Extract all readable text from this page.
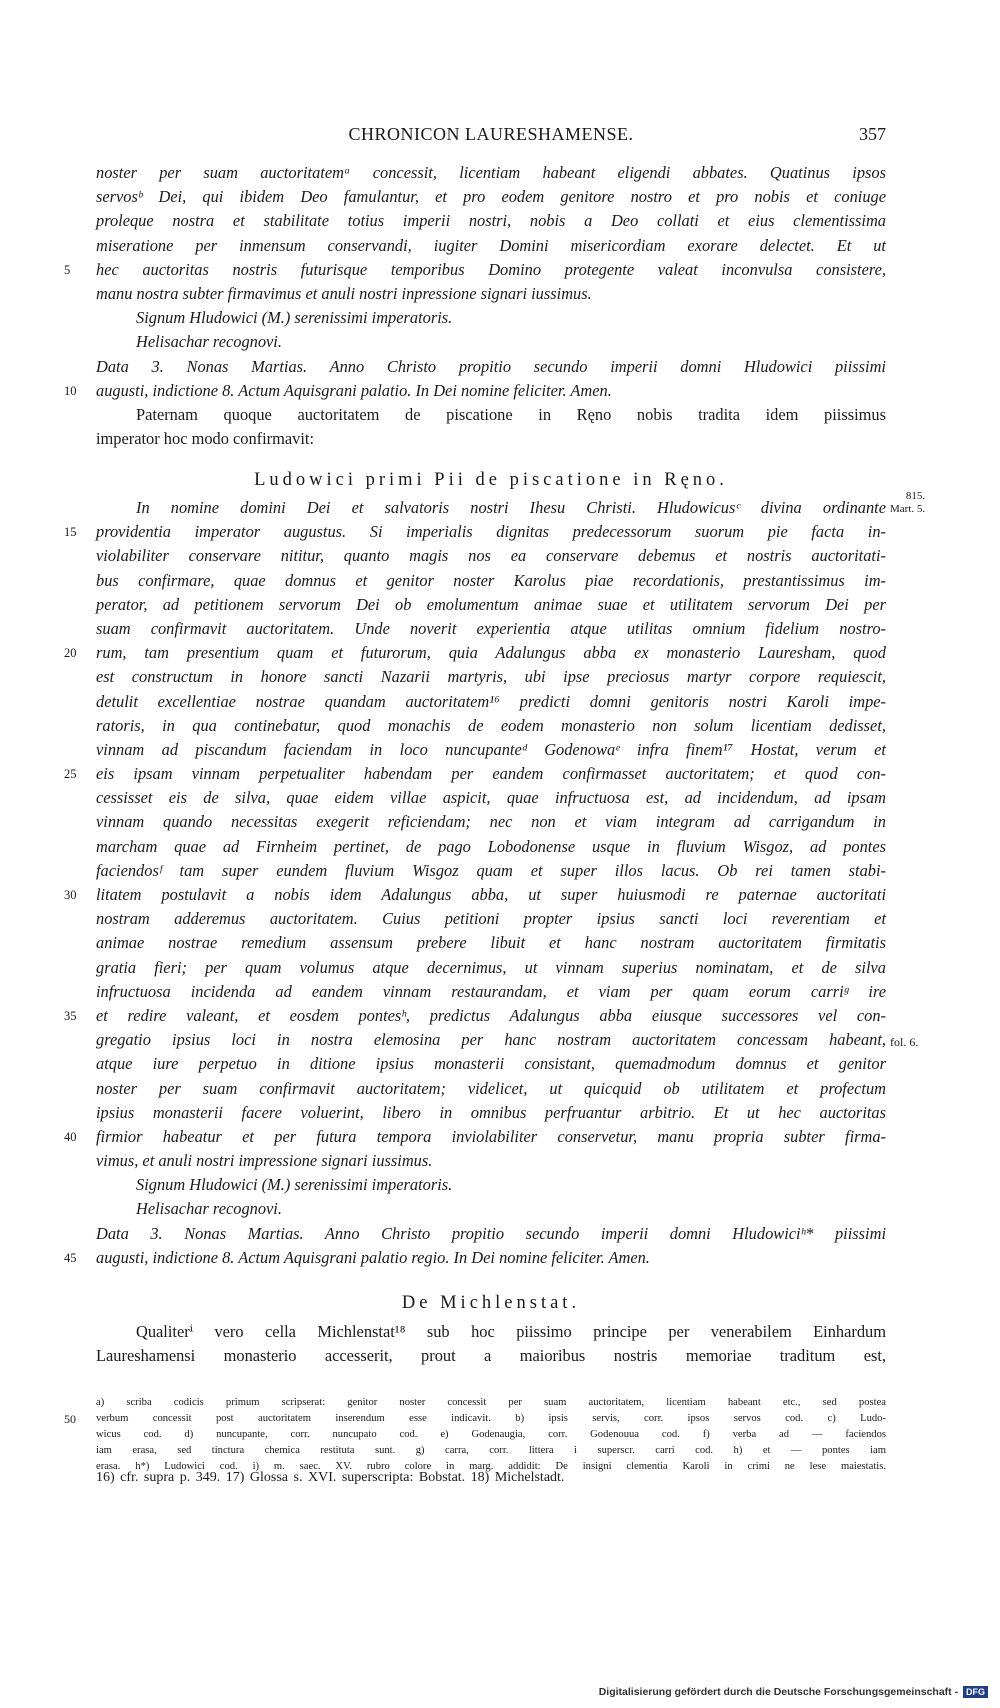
CHRONICON LAURESHAMENSE.	357
noster per suam auctoritatemᵃ concessit, licentiam habeant eligendi abbates. Quatinus ipsos
servosᵇ Dei, qui ibidem Deo famulantur, et pro eodem genitore nostro et pro nobis et coniuge
proleque nostra et stabilitate totius imperii nostri, nobis a Deo collati et eius clementissima
miseratione per inmensum conservandi, iugiter Domini misericordiam exorare delectet. Et ut
hec auctoritas nostris futurisque temporibus Domino protegente valeat inconvulsa consistere,
5
manu nostra subter firmavimus et anuli nostri inpressione signari iussimus.
Signum Hludowici (M.) serenissimi imperatoris.
Helisachar recognovi.
Data 3. Nonas Martias. Anno Christo propitio secundo imperii domni Hludowici piissimi
augusti, indictione 8. Actum Aquisgrani palatio. In Dei nomine feliciter. Amen.
10
Paternam quoque auctoritatem de piscatione in Ręno nobis tradita idem piissimus
imperator hoc modo confirmavit:
Ludowici primi Pii de piscatione in Ręno.
815.
Mart. 5.
In nomine domini Dei et salvatoris nostri Ihesu Christi. Hludowicusᶜ divina ordinante
providentia imperator augustus. Si imperialis dignitas predecessorum suorum pie facta in-
15
violabiliter conservare nititur, quanto magis nos ea conservare debemus et nostris auctoritati-
bus confirmare, quae domnus et genitor noster Karolus piae recordationis, prestantissimus im-
perator, ad petitionem servorum Dei ob emolumentum animae suae et utilitatem servorum Dei per
suam confirmavit auctoritatem. Unde noverit experientia atque utilitas omnium fidelium nostro-
rum, tam presentium quam et futurorum, quia Adalungus abba ex monasterio Lauresham, quod
20
est constructum in honore sancti Nazarii martyris, ubi ipse preciosus martyr corpore requiescit,
detulit excellentiae nostrae quandam auctoritatem¹⁶ predicti domni genitoris nostri Karoli impe-
ratoris, in qua continebatur, quod monachis de eodem monasterio non solum licentiam dedisset,
vinnam ad piscandum faciendam in loco nuncupanteᵈ Godenowaᵉ infra finem¹⁷ Hostat, verum et
eis ipsam vinnam perpetualiter habendam per eandem confirmasset auctoritatem; et quod con-
25
cessisset eis de silva, quae eidem villae aspicit, quae infructuosa est, ad incidendum, ad ipsam
vinnam quando necessitas exegerit reficiendam; nec non et viam integram ad carrigandum in
marcham quae ad Firnheim pertinet, de pago Lobodonense usque in fluvium Wisgoz, ad pontes
faciendosᶠ tam super eundem fluvium Wisgoz quam et super illos lacus. Ob rei tamen stabi-
litatem postulavit a nobis idem Adalungus abba, ut super huiusmodi re paternae auctoritati
30
nostram adderemus auctoritatem. Cuius petitioni propter ipsius sancti loci reverentiam et
animae nostrae remedium assensum prebere libuit et hanc nostram auctoritatem firmitatis
gratia fieri; per quam volumus atque decernimus, ut vinnam superius nominatam, et de silva
infructuosa incidenda ad eandem vinnam restaurandam, et viam per quam eorum carriᵍ ire
et redire valeant, et eosdem pontesʰ, predictus Adalungus abba eiusque successores vel con-
35
gregatio ipsius loci in nostra elemosina per hanc nostram auctoritatem concessam habeant,
atque iure perpetuo in ditione ipsius monasterii consistant, quemadmodum domnus et genitor
noster per suam confirmavit auctoritatem; videlicet, ut quicquid ob utilitatem et profectum
ipsius monasterii facere voluerint, libero in omnibus perfruantur arbitrio. Et ut hec auctoritas
firmior habeatur et per futura tempora inviolabiliter conservetur, manu propria subter firma-
40
vimus, et anuli nostri impressione signari iussimus.
Signum Hludowici (M.) serenissimi imperatoris.
Helisachar recognovi.
Data 3. Nonas Martias. Anno Christo propitio secundo imperii domni Hludowiciʰ* piissimi
augusti, indictione 8. Actum Aquisgrani palatio regio. In Dei nomine feliciter. Amen.
45
fol. 6.
De Michlenstat.
Qualiterⁱ vero cella Michlenstat¹⁸ sub hoc piissimo principe per venerabilem Einhardum
Laureshamensi monasterio accesserit, prout a maioribus nostris memoriae traditum est,
a) scriba codicis primum scripserat: genitor noster concessit per suam auctoritatem, licentiam habeant etc., sed postea
verbum concessit post auctoritatem inserendum esse indicavit. b) ipsis servis, corr. ipsos servos cod. c) Ludo-
50
wicus cod. d) nuncupante, corr. nuncupato cod. e) Godenaugia, corr. Godenouua cod. f) verba ad — faciendos
iam erasa, sed tinctura chemica restituta sunt. g) carra, corr. littera i superscr. carri cod. h) et — pontes iam
erasa. h*) Ludowici cod. i) m. saec. XV. rubro colore in marg. addidit: De insigni clementia Karoli in crimi ne lese maiestatis.
16) cfr. supra p. 349. 17) Glossa s. XVI. superscripta: Bobstat. 18) Michelstadt.
Digitalisierung gefördert durch die Deutsche Forschungsgemeinschaft - DFG
